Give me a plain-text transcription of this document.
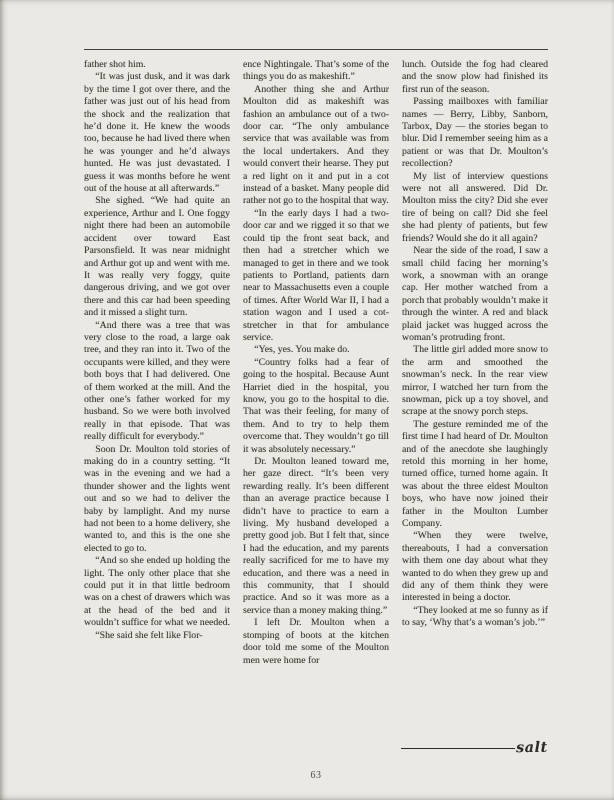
father shot him.

“It was just dusk, and it was dark by the time I got over there, and the father was just out of his head from the shock and the realization that he’d done it. He knew the woods too, because he had lived there when he was younger and he’d always hunted. He was just devastated. I guess it was months before he went out of the house at all afterwards.”

She sighed. “We had quite an experience, Arthur and I. One foggy night there had been an automobile accident over toward East Parsonsfield. It was near midnight and Arthur got up and went with me. It was really very foggy, quite dangerous driving, and we got over there and this car had been speeding and it missed a slight turn.

“And there was a tree that was very close to the road, a large oak tree, and they ran into it. Two of the occupants were killed, and they were both boys that I had delivered. One of them worked at the mill. And the other one’s father worked for my husband. So we were both involved really in that episode. That was really difficult for everybody.”

Soon Dr. Moulton told stories of making do in a country setting. “It was in the evening and we had a thunder shower and the lights went out and so we had to deliver the baby by lamplight. And my nurse had not been to a home delivery, she wanted to, and this is the one she elected to go to.

“And so she ended up holding the light. The only other place that she could put it in that little bedroom was on a chest of drawers which was at the head of the bed and it wouldn’t suffice for what we needed.

“She said she felt like Flor-

ence Nightingale. That’s some of the things you do as makeshift.”

Another thing she and Arthur Moulton did as makeshift was fashion an ambulance out of a two-door car. “The only ambulance service that was available was from the local undertakers. And they would convert their hearse. They put a red light on it and put in a cot instead of a basket. Many people did rather not go to the hospital that way.

“In the early days I had a two-door car and we rigged it so that we could tip the front seat back, and then had a stretcher which we managed to get in there and we took patients to Portland, patients darn near to Massachusetts even a couple of times. After World War II, I had a station wagon and I used a cot-stretcher in that for ambulance service.

“Yes, yes. You make do.

“Country folks had a fear of going to the hospital. Because Aunt Harriet died in the hospital, you know, you go to the hospital to die. That was their feeling, for many of them. And to try to help them overcome that. They wouldn’t go till it was absolutely necessary.”

Dr. Moulton leaned toward me, her gaze direct. “It’s been very rewarding really. It’s been different than an average practice because I didn’t have to practice to earn a living. My husband developed a pretty good job. But I felt that, since I had the education, and my parents really sacrificed for me to have my education, and there was a need in this community, that I should practice. And so it was more as a service than a money making thing.”

I left Dr. Moulton when a stomping of boots at the kitchen door told me some of the Moulton men were home for

lunch. Outside the fog had cleared and the snow plow had finished its first run of the season.

Passing mailboxes with familiar names — Berry, Libby, Sanborn, Tarbox, Day — the stories began to blur. Did I remember seeing him as a patient or was that Dr. Moulton’s recollection?

My list of interview questions were not all answered. Did Dr. Moulton miss the city? Did she ever tire of being on call? Did she feel she had plenty of patients, but few friends? Would she do it all again?

Near the side of the road, I saw a small child facing her morning’s work, a snowman with an orange cap. Her mother watched from a porch that probably wouldn’t make it through the winter. A red and black plaid jacket was hugged across the woman’s protruding front.

The little girl added more snow to the arm and smoothed the snowman’s neck. In the rear view mirror, I watched her turn from the snowman, pick up a toy shovel, and scrape at the snowy porch steps.

The gesture reminded me of the first time I had heard of Dr. Moulton and of the anecdote she laughingly retold this morning in her home, turned office, turned home again. It was about the three eldest Moulton boys, who have now joined their father in the Moulton Lumber Company.

“When they were twelve, thereabouts, I had a conversation with them one day about what they wanted to do when they grew up and did any of them think they were interested in being a doctor.

“They looked at me so funny as if to say, ‘Why that’s a woman’s job.’”

salt
63
